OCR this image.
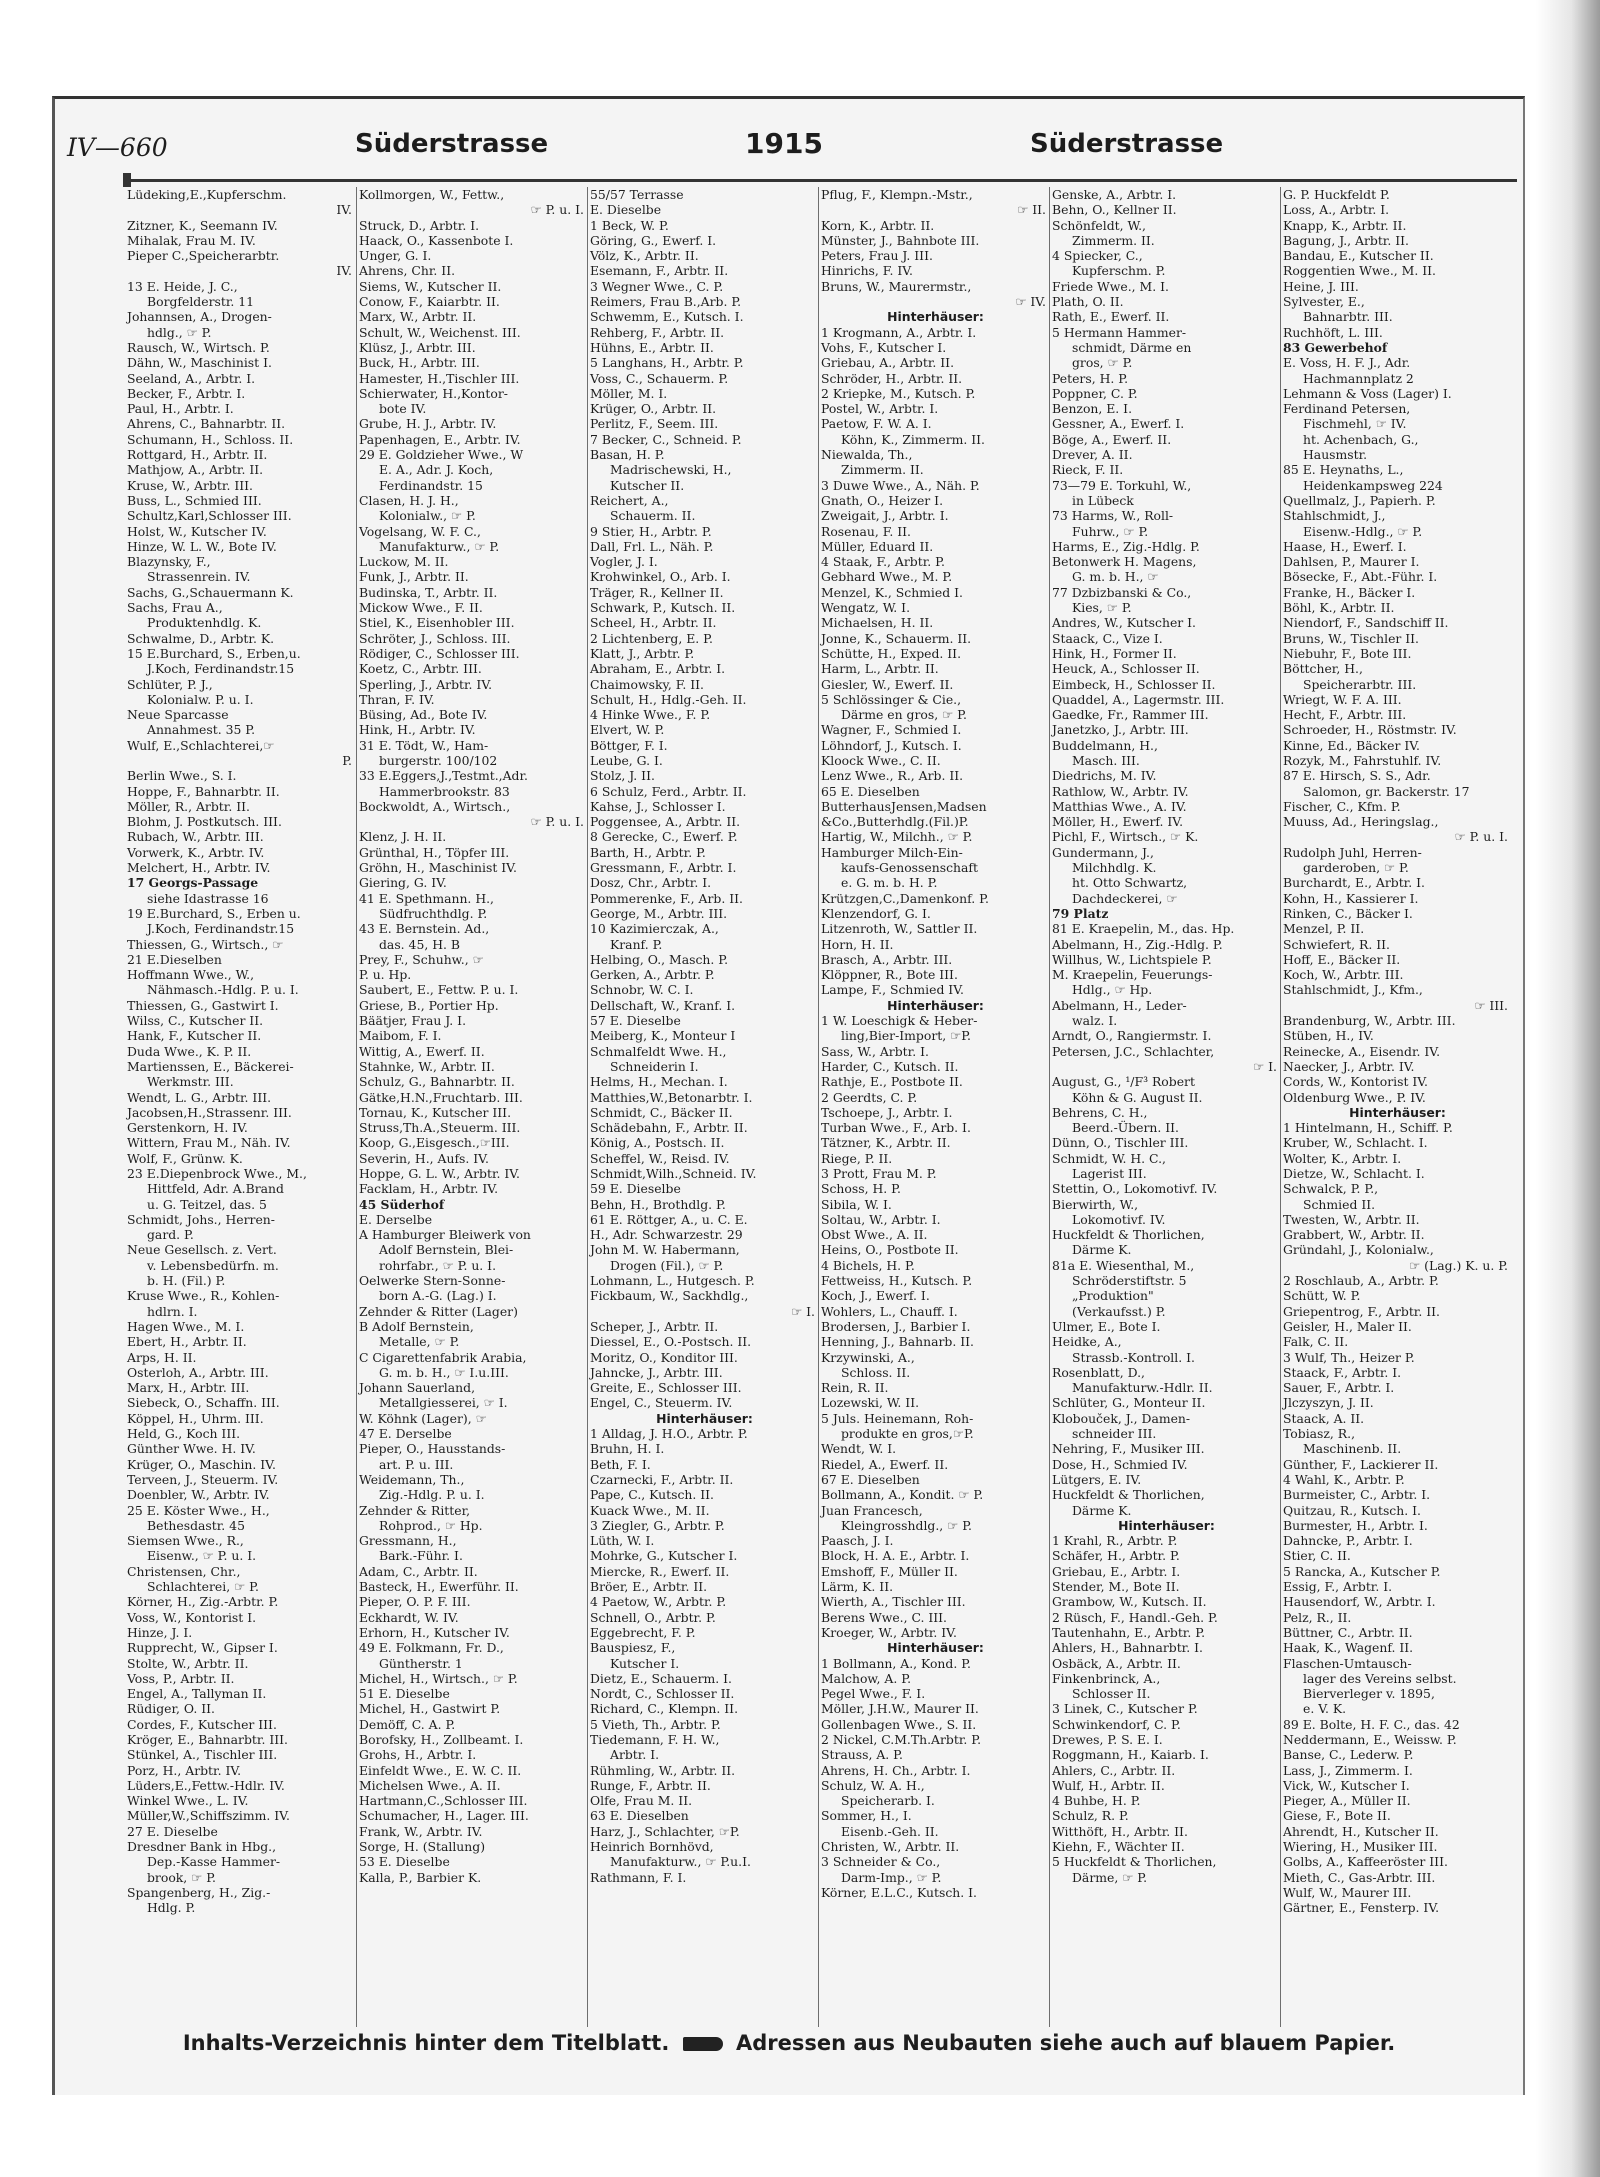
IV—660	Süderstrasse	1915	Süderstrasse
Lüdeking,E.,Kupferschm.
IV.
Zitzner, K., Seemann IV.
Mihalak, Frau M. IV.
Pieper C.,Speicherarbtr.
IV.
13 E. Heide, J. C.,
Borgfelderstr. 11
Johannsen, A., Drogen-
hdlg., ☞ P.
Rausch, W., Wirtsch. P.
Dähn, W., Maschinist I.
Seeland, A., Arbtr. I.
Becker, F., Arbtr. I.
Paul, H., Arbtr. I.
Ahrens, C., Bahnarbtr. II.
Schumann, H., Schloss. II.
Rottgard, H., Arbtr. II.
Mathjow, A., Arbtr. II.
Kruse, W., Arbtr. III.
Buss, L., Schmied III.
Schultz,Karl,Schlosser III.
Holst, W., Kutscher IV.
Hinze, W. L. W., Bote IV.
Blazynsky, F.,
Strassenrein. IV.
Sachs, G.,Schauermann K.
Sachs, Frau A.,
Produktenhdlg. K.
Schwalme, D., Arbtr. K.
15 E.Burchard, S., Erben,u.
J.Koch, Ferdinandstr.15
Schlüter, P. J.,
Kolonialw. P. u. I.
Neue Sparcasse
Annahmest. 35 P.
Wulf, E.,Schlachterei,☞
P.
Berlin Wwe., S. I.
Hoppe, F., Bahnarbtr. II.
Möller, R., Arbtr. II.
Blohm, J. Postkutsch. III.
Rubach, W., Arbtr. III.
Vorwerk, K., Arbtr. IV.
Melchert, H., Arbtr. IV.
17 Georgs-Passage
siehe Idastrasse 16
19 E.Burchard, S., Erben u.
J.Koch, Ferdinandstr.15
Thiessen, G., Wirtsch., ☞
21 E.Dieselben
Hoffmann Wwe., W.,
Nähmasch.-Hdlg. P. u. I.
Thiessen, G., Gastwirt I.
Wilss, C., Kutscher II.
Hank, F., Kutscher II.
Duda Wwe., K. P. II.
Martienssen, E., Bäckerei-
Werkmstr. III.
Wendt, L. G., Arbtr. III.
Jacobsen,H.,Strassenr. III.
Gerstenkorn, H. IV.
Wittern, Frau M., Näh. IV.
Wolf, F., Grünw. K.
23 E.Diepenbrock Wwe., M.,
Hittfeld, Adr. A.Brand
u. G. Teitzel, das. 5
Schmidt, Johs., Herren-
gard. P.
Neue Gesellsch. z. Vert.
v. Lebensbedürfn. m.
b. H. (Fil.) P.
Kruse Wwe., R., Kohlen-
hdlrn. I.
Hagen Wwe., M. I.
Ebert, H., Arbtr. II.
Arps, H. II.
Osterloh, A., Arbtr. III.
Marx, H., Arbtr. III.
Siebeck, O., Schaffn. III.
Köppel, H., Uhrm. III.
Held, G., Koch III.
Günther Wwe. H. IV.
Krüger, O., Maschin. IV.
Terveen, J., Steuerm. IV.
Doenbler, W., Arbtr. IV.
25 E. Köster Wwe., H.,
Bethesdastr. 45
Siemsen Wwe., R.,
Eisenw., ☞ P. u. I.
Christensen, Chr.,
Schlachterei, ☞ P.
Körner, H., Zig.-Arbtr. P.
Voss, W., Kontorist I.
Hinze, J. I.
Rupprecht, W., Gipser I.
Stolte, W., Arbtr. II.
Voss, P., Arbtr. II.
Engel, A., Tallyman II.
Rüdiger, O. II.
Cordes, F., Kutscher III.
Kröger, E., Bahnarbtr. III.
Stünkel, A., Tischler III.
Porz, H., Arbtr. IV.
Lüders,E.,Fettw.-Hdlr. IV.
Winkel Wwe., L. IV.
Müller,W.,Schiffszimm. IV.
27 E. Dieselbe
Dresdner Bank in Hbg.,
Dep.-Kasse Hammer-
brook, ☞ P.
Spangenberg, H., Zig.-
Hdlg. P.
Kollmorgen, W., Fettw.,
☞ P. u. I.
Struck, D., Arbtr. I.
Haack, O., Kassenbote I.
Unger, G. I.
Ahrens, Chr. II.
Siems, W., Kutscher II.
Conow, F., Kaiarbtr. II.
Marx, W., Arbtr. II.
Schult, W., Weichenst. III.
Klüsz, J., Arbtr. III.
Buck, H., Arbtr. III.
Hamester, H.,Tischler III.
Schierwater, H.,Kontor-
bote IV.
Grube, H. J., Arbtr. IV.
Papenhagen, E., Arbtr. IV.
29 E. Goldzieher Wwe., W
E. A., Adr. J. Koch,
Ferdinandstr. 15
Clasen, H. J. H.,
Kolonialw., ☞ P.
Vogelsang, W. F. C.,
Manufakturw., ☞ P.
Luckow, M. II.
Funk, J., Arbtr. II.
Budinska, T., Arbtr. II.
Mickow Wwe., F. II.
Stiel, K., Eisenhobler III.
Schröter, J., Schloss. III.
Rödiger, C., Schlosser III.
Koetz, C., Arbtr. III.
Sperling, J., Arbtr. IV.
Thran, F. IV.
Büsing, Ad., Bote IV.
Hink, H., Arbtr. IV.
31 E. Tödt, W., Ham-
burgerstr. 100/102
33 E.Eggers,J.,Testmt.,Adr.
Hammerbrookstr. 83
Bockwoldt, A., Wirtsch.,
☞ P. u. I.
Klenz, J. H. II.
Grünthal, H., Töpfer III.
Gröhn, H., Maschinist IV.
Giering, G. IV.
41 E. Spethmann. H.,
Südfruchthdlg. P.
43 E. Bernstein. Ad.,
das. 45, H. B
Prey, F., Schuhw., ☞
P. u. Hp.
Saubert, E., Fettw. P. u. I.
Griese, B., Portier Hp.
Bäätjer, Frau J. I.
Maibom, F. I.
Wittig, A., Ewerf. II.
Stahnke, W., Arbtr. II.
Schulz, G., Bahnarbtr. II.
Gätke,H.N.,Fruchtarb. III.
Tornau, K., Kutscher III.
Struss,Th.A.,Steuerm. III.
Koop, G.,Eisgesch.,☞III.
Severin, H., Aufs. IV.
Hoppe, G. L. W., Arbtr. IV.
Facklam, H., Arbtr. IV.
45 Süderhof
E. Derselbe
A Hamburger Bleiwerk von
Adolf Bernstein, Blei-
rohrfabr., ☞ P. u. I.
Oelwerke Stern-Sonne-
born A.-G. (Lag.) I.
Zehnder & Ritter (Lager)
B Adolf Bernstein,
Metalle, ☞ P.
C Cigarettenfabrik Arabia,
G. m. b. H., ☞ I.u.III.
Johann Sauerland,
Metallgiesserei, ☞ I.
W. Köhnk (Lager), ☞
47 E. Derselbe
Pieper, O., Hausstands-
art. P. u. III.
Weidemann, Th.,
Zig.-Hdlg. P. u. I.
Zehnder & Ritter,
Rohprod., ☞ Hp.
Gressmann, H.,
Bark.-Führ. I.
Adam, C., Arbtr. II.
Basteck, H., Ewerführ. II.
Pieper, O. P. F. III.
Eckhardt, W. IV.
Erhorn, H., Kutscher IV.
49 E. Folkmann, Fr. D.,
Güntherstr. 1
Michel, H., Wirtsch., ☞ P.
51 E. Dieselbe
Michel, H., Gastwirt P.
Demöff, C. A. P.
Borofsky, H., Zollbeamt. I.
Grohs, H., Arbtr. I.
Einfeldt Wwe., E. W. C. II.
Michelsen Wwe., A. II.
Hartmann,C.,Schlosser III.
Schumacher, H., Lager. III.
Frank, W., Arbtr. IV.
Sorge, H. (Stallung)
53 E. Dieselbe
Kalla, P., Barbier K.
55/57 Terrasse
E. Dieselbe
1 Beck, W. P.
Göring, G., Ewerf. I.
Völz, K., Arbtr. II.
Esemann, F., Arbtr. II.
3 Wegner Wwe., C. P.
Reimers, Frau B.,Arb. P.
Schwemm, E., Kutsch. I.
Rehberg, F., Arbtr. II.
Hühns, E., Arbtr. II.
5 Langhans, H., Arbtr. P.
Voss, C., Schauerm. P.
Möller, M. I.
Krüger, O., Arbtr. II.
Perlitz, F., Seem. III.
7 Becker, C., Schneid. P.
Basan, H. P.
Madrischewski, H.,
Kutscher II.
Reichert, A.,
Schauerm. II.
9 Stier, H., Arbtr. P.
Dall, Frl. L., Näh. P.
Vogler, J. I.
Krohwinkel, O., Arb. I.
Träger, R., Kellner II.
Schwark, P., Kutsch. II.
Scheel, H., Arbtr. II.
2 Lichtenberg, E. P.
Klatt, J., Arbtr. P.
Abraham, E., Arbtr. I.
Chaimowsky, F. II.
Schult, H., Hdlg.-Geh. II.
4 Hinke Wwe., F. P.
Elvert, W. P.
Böttger, F. I.
Leube, G. I.
Stolz, J. II.
6 Schulz, Ferd., Arbtr. II.
Kahse, J., Schlosser I.
Poggensee, A., Arbtr. II.
8 Gerecke, C., Ewerf. P.
Barth, H., Arbtr. P.
Gressmann, F., Arbtr. I.
Dosz, Chr., Arbtr. I.
Pommerenke, F., Arb. II.
George, M., Arbtr. III.
10 Kazimierczak, A.,
Kranf. P.
Helbing, O., Masch. P.
Gerken, A., Arbtr. P.
Schnobr, W. C. I.
Dellschaft, W., Kranf. I.
57 E. Dieselbe
Meiberg, K., Monteur I
Schmalfeldt Wwe. H.,
Schneiderin I.
Helms, H., Mechan. I.
Matthies,W.,Betonarbtr. I.
Schmidt, C., Bäcker II.
Schädebahn, F., Arbtr. II.
König, A., Postsch. II.
Scheffel, W., Reisd. IV.
Schmidt,Wilh.,Schneid. IV.
59 E. Dieselbe
Behn, H., Brothdlg. P.
61 E. Röttger, A., u. C. E.
H., Adr. Schwarzestr. 29
John M. W. Habermann,
Drogen (Fil.), ☞ P.
Lohmann, L., Hutgesch. P.
Fickbaum, W., Sackhdlg.,
☞ I.
Scheper, J., Arbtr. II.
Diessel, E., O.-Postsch. II.
Moritz, O., Konditor III.
Jahncke, J., Arbtr. III.
Greite, E., Schlosser III.
Engel, C., Steuerm. IV.
Hinterhäuser:
1 Alldag, J. H.O., Arbtr. P.
Bruhn, H. I.
Beth, F. I.
Czarnecki, F., Arbtr. II.
Pape, C., Kutsch. II.
Kuack Wwe., M. II.
3 Ziegler, G., Arbtr. P.
Lüth, W. I.
Mohrke, G., Kutscher I.
Miercke, R., Ewerf. II.
Bröer, E., Arbtr. II.
4 Paetow, W., Arbtr. P.
Schnell, O., Arbtr. P.
Eggebrecht, F. P.
Bauspiesz, F.,
Kutscher I.
Dietz, E., Schauerm. I.
Nordt, C., Schlosser II.
Richard, C., Klempn. II.
5 Vieth, Th., Arbtr. P.
Tiedemann, F. H. W.,
Arbtr. I.
Rühmling, W., Arbtr. II.
Runge, F., Arbtr. II.
Olfe, Frau M. II.
63 E. Dieselben
Harz, J., Schlachter, ☞P.
Heinrich Bornhövd,
Manufakturw., ☞ P.u.I.
Rathmann, F. I.
Pflug, F., Klempn.-Mstr.,
☞ II.
Korn, K., Arbtr. II.
Münster, J., Bahnbote III.
Peters, Frau J. III.
Hinrichs, F. IV.
Bruns, W., Maurermstr.,
☞ IV.
Hinterhäuser:
1 Krogmann, A., Arbtr. I.
Vohs, F., Kutscher I.
Griebau, A., Arbtr. II.
Schröder, H., Arbtr. II.
2 Kriepke, M., Kutsch. P.
Postel, W., Arbtr. I.
Paetow, F. W. A. I.
Köhn, K., Zimmerm. II.
Niewalda, Th.,
Zimmerm. II.
3 Duwe Wwe., A., Näh. P.
Gnath, O., Heizer I.
Zweigait, J., Arbtr. I.
Rosenau, F. II.
Müller, Eduard II.
4 Staak, F., Arbtr. P.
Gebhard Wwe., M. P.
Menzel, K., Schmied I.
Wengatz, W. I.
Michaelsen, H. II.
Jonne, K., Schauerm. II.
Schütte, H., Exped. II.
Harm, L., Arbtr. II.
Giesler, W., Ewerf. II.
5 Schlössinger & Cie.,
Därme en gros, ☞ P.
Wagner, F., Schmied I.
Löhndorf, J., Kutsch. I.
Kloock Wwe., C. II.
Lenz Wwe., R., Arb. II.
65 E. Dieselben
ButterhausJensen,Madsen
&Co.,Butterhdlg.(Fil.)P.
Hartig, W., Milchh., ☞ P.
Hamburger Milch-Ein-
kaufs-Genossenschaft
e. G. m. b. H. P.
Krützgen,C.,Damenkonf. P.
Klenzendorf, G. I.
Litzenroth, W., Sattler II.
Horn, H. II.
Brasch, A., Arbtr. III.
Klöppner, R., Bote III.
Lampe, F., Schmied IV.
Hinterhäuser:
1 W. Loeschigk & Heber-
ling,Bier-Import, ☞P.
Sass, W., Arbtr. I.
Harder, C., Kutsch. II.
Rathje, E., Postbote II.
2 Geerdts, C. P.
Tschoepe, J., Arbtr. I.
Turban Wwe., F., Arb. I.
Tätzner, K., Arbtr. II.
Riege, P. II.
3 Prott, Frau M. P.
Schoss, H. P.
Sibila, W. I.
Soltau, W., Arbtr. I.
Obst Wwe., A. II.
Heins, O., Postbote II.
4 Bichels, H. P.
Fettweiss, H., Kutsch. P.
Koch, J., Ewerf. I.
Wohlers, L., Chauff. I.
Brodersen, J., Barbier I.
Henning, J., Bahnarb. II.
Krzywinski, A.,
Schloss. II.
Rein, R. II.
Lozewski, W. II.
5 Juls. Heinemann, Roh-
produkte en gros,☞P.
Wendt, W. I.
Riedel, A., Ewerf. II.
67 E. Dieselben
Bollmann, A., Kondit. ☞ P.
Juan Francesch,
Kleingrosshdlg., ☞ P.
Paasch, J. I.
Block, H. A. E., Arbtr. I.
Emshoff, F., Müller II.
Lärm, K. II.
Wierth, A., Tischler III.
Berens Wwe., C. III.
Kroeger, W., Arbtr. IV.
Hinterhäuser:
1 Bollmann, A., Kond. P.
Malchow, A. P.
Pegel Wwe., F. I.
Möller, J.H.W., Maurer II.
Gollenbagen Wwe., S. II.
2 Nickel, C.M.Th.Arbtr. P.
Strauss, A. P.
Ahrens, H. Ch., Arbtr. I.
Schulz, W. A. H.,
Speicherarb. I.
Sommer, H., I.
Eisenb.-Geh. II.
Christen, W., Arbtr. II.
3 Schneider & Co.,
Darm-Imp., ☞ P.
Körner, E.L.C., Kutsch. I.
Genske, A., Arbtr. I.
Behn, O., Kellner II.
Schönfeldt, W.,
Zimmerm. II.
4 Spiecker, C.,
Kupferschm. P.
Friede Wwe., M. I.
Plath, O. II.
Rath, E., Ewerf. II.
5 Hermann Hammer-
schmidt, Därme en
gros, ☞ P.
Peters, H. P.
Poppner, C. P.
Benzon, E. I.
Gessner, A., Ewerf. I.
Böge, A., Ewerf. II.
Drever, A. II.
Rieck, F. II.
73—79 E. Torkuhl, W.,
in Lübeck
73 Harms, W., Roll-
Fuhrw., ☞ P.
Harms, E., Zig.-Hdlg. P.
Betonwerk H. Magens,
G. m. b. H., ☞
77 Dzbizbanski & Co.,
Kies, ☞ P.
Andres, W., Kutscher I.
Staack, C., Vize I.
Hink, H., Former II.
Heuck, A., Schlosser II.
Eimbeck, H., Schlosser II.
Quaddel, A., Lagermstr. III.
Gaedke, Fr., Rammer III.
Janetzko, J., Arbtr. III.
Buddelmann, H.,
Masch. III.
Diedrichs, M. IV.
Rathlow, W., Arbtr. IV.
Matthias Wwe., A. IV.
Möller, H., Ewerf. IV.
Pichl, F., Wirtsch., ☞ K.
Gundermann, J.,
Milchhdlg. K.
ht. Otto Schwartz,
Dachdeckerei, ☞
79 Platz
81 E. Kraepelin, M., das. Hp.
Abelmann, H., Zig.-Hdlg. P.
Willhus, W., Lichtspiele P.
M. Kraepelin, Feuerungs-
Hdlg., ☞ Hp.
Abelmann, H., Leder-
walz. I.
Arndt, O., Rangiermstr. I.
Petersen, J.C., Schlachter,
☞ I.
August, G., ¹/F³ Robert
Köhn & G. August II.
Behrens, C. H.,
Beerd.-Übern. II.
Dünn, O., Tischler III.
Schmidt, W. H. C.,
Lagerist III.
Stettin, O., Lokomotivf. IV.
Bierwirth, W.,
Lokomotivf. IV.
Huckfeldt & Thorlichen,
Därme K.
81a E. Wiesenthal, M.,
Schröderstiftstr. 5
„Produktion"
(Verkaufsst.) P.
Ulmer, E., Bote I.
Heidke, A.,
Strassb.-Kontroll. I.
Rosenblatt, D.,
Manufakturw.-Hdlr. II.
Schlüter, G., Monteur II.
Klobouček, J., Damen-
schneider III.
Nehring, F., Musiker III.
Dose, H., Schmied IV.
Lütgers, E. IV.
Huckfeldt & Thorlichen,
Därme K.
Hinterhäuser:
1 Krahl, R., Arbtr. P.
Schäfer, H., Arbtr. P.
Griebau, E., Arbtr. I.
Stender, M., Bote II.
Grambow, W., Kutsch. II.
2 Rüsch, F., Handl.-Geh. P.
Tautenhahn, E., Arbtr. P.
Ahlers, H., Bahnarbtr. I.
Osbäck, A., Arbtr. II.
Finkenbrinck, A.,
Schlosser II.
3 Linek, C., Kutscher P.
Schwinkendorf, C. P.
Drewes, P. S. E. I.
Roggmann, H., Kaiarb. I.
Ahlers, C., Arbtr. II.
Wulf, H., Arbtr. II.
4 Buhbe, H. P.
Schulz, R. P.
Witthöft, H., Arbtr. II.
Kiehn, F., Wächter II.
5 Huckfeldt & Thorlichen,
Därme, ☞ P.
G. P. Huckfeldt P.
Loss, A., Arbtr. I.
Knapp, K., Arbtr. II.
Bagung, J., Arbtr. II.
Bandau, E., Kutscher II.
Roggentien Wwe., M. II.
Heine, J. III.
Sylvester, E.,
Bahnarbtr. III.
Ruchhöft, L. III.
83 Gewerbehof
E. Voss, H. F. J., Adr.
Hachmannplatz 2
Lehmann & Voss (Lager) I.
Ferdinand Petersen,
Fischmehl, ☞ IV.
ht. Achenbach, G.,
Hausmstr.
85 E. Heynaths, L.,
Heidenkampsweg 224
Quellmalz, J., Papierh. P.
Stahlschmidt, J.,
Eisenw.-Hdlg., ☞ P.
Haase, H., Ewerf. I.
Dahlsen, P., Maurer I.
Bösecke, F., Abt.-Führ. I.
Franke, H., Bäcker I.
Böhl, K., Arbtr. II.
Niendorf, F., Sandschiff II.
Bruns, W., Tischler II.
Niebuhr, F., Bote III.
Böttcher, H.,
Speicherarbtr. III.
Wriegt, W. F. A. III.
Hecht, F., Arbtr. III.
Schroeder, H., Röstmstr. IV.
Kinne, Ed., Bäcker IV.
Rozyk, M., Fahrstuhlf. IV.
87 E. Hirsch, S. S., Adr.
Salomon, gr. Backerstr. 17
Fischer, C., Kfm. P.
Muuss, Ad., Heringslag.,
☞ P. u. I.
Rudolph Juhl, Herren-
garderoben, ☞ P.
Burchardt, E., Arbtr. I.
Kohn, H., Kassierer I.
Rinken, C., Bäcker I.
Menzel, P. II.
Schwiefert, R. II.
Hoff, E., Bäcker II.
Koch, W., Arbtr. III.
Stahlschmidt, J., Kfm.,
☞ III.
Brandenburg, W., Arbtr. III.
Stüben, H., IV.
Reinecke, A., Eisendr. IV.
Naecker, J., Arbtr. IV.
Cords, W., Kontorist IV.
Oldenburg Wwe., P. IV.
Hinterhäuser:
1 Hintelmann, H., Schiff. P.
Kruber, W., Schlacht. I.
Wolter, K., Arbtr. I.
Dietze, W., Schlacht. I.
Schwalck, P. P.,
Schmied II.
Twesten, W., Arbtr. II.
Grabbert, W., Arbtr. II.
Gründahl, J., Kolonialw.,
☞ (Lag.) K. u. P.
2 Roschlaub, A., Arbtr. P.
Schütt, W. P.
Griepentrog, F., Arbtr. II.
Geisler, H., Maler II.
Falk, C. II.
3 Wulf, Th., Heizer P.
Staack, F., Arbtr. I.
Sauer, F., Arbtr. I.
Jlczyszyn, J. II.
Staack, A. II.
Tobiasz, R.,
Maschinenb. II.
Günther, F., Lackierer II.
4 Wahl, K., Arbtr. P.
Burmeister, C., Arbtr. I.
Quitzau, R., Kutsch. I.
Burmester, H., Arbtr. I.
Dahncke, P., Arbtr. I.
Stier, C. II.
5 Rancka, A., Kutscher P.
Essig, F., Arbtr. I.
Hausendorf, W., Arbtr. I.
Pelz, R., II.
Büttner, C., Arbtr. II.
Haak, K., Wagenf. II.
Flaschen-Umtausch-
lager des Vereins selbst.
Bierverleger v. 1895,
e. V. K.
89 E. Bolte, H. F. C., das. 42
Neddermann, E., Weissw. P.
Banse, C., Lederw. P.
Lass, J., Zimmerm. I.
Vick, W., Kutscher I.
Pieger, A., Müller II.
Giese, F., Bote II.
Ahrendt, H., Kutscher II.
Wiering, H., Musiker III.
Golbs, A., Kaffeeröster III.
Mieth, C., Gas-Arbtr. III.
Wulf, W., Maurer III.
Gärtner, E., Fensterp. IV.
Inhalts-Verzeichnis hinter dem Titelblatt.	Adressen aus Neubauten siehe auch auf blauem Papier.
